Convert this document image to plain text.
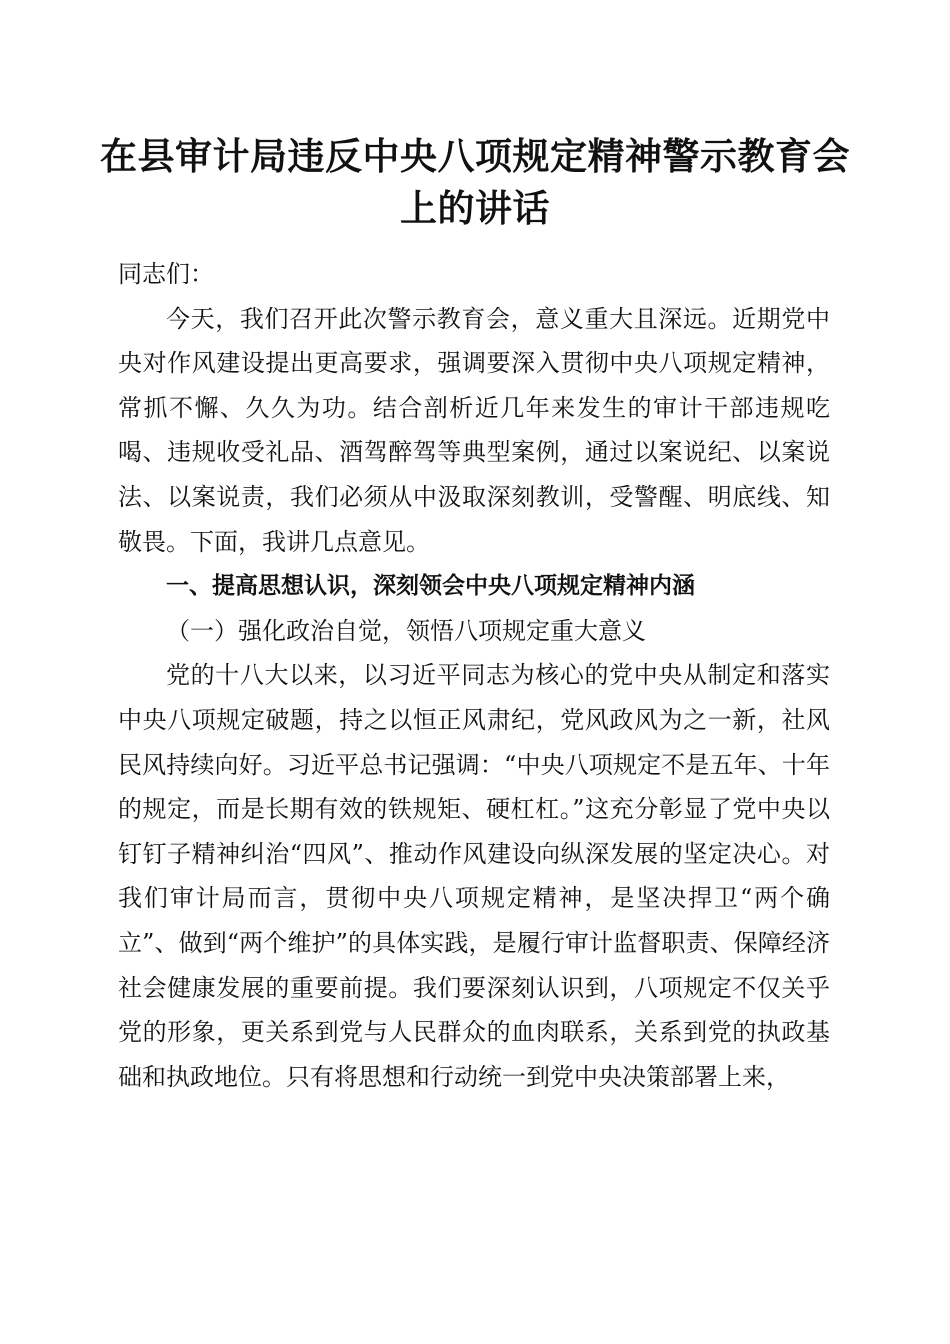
在县审计局违反中央八项规定精神警示教育会上的讲话

同志们：

今天，我们召开此次警示教育会，意义重大且深远。近期党中央对作风建设提出更高要求，强调要深入贯彻中央八项规定精神，常抓不懈、久久为功。结合剖析近几年来发生的审计干部违规吃喝、违规收受礼品、酒驾醉驾等典型案例，通过以案说纪、以案说法、以案说责，我们必须从中汲取深刻教训，受警醒、明底线、知敬畏。下面，我讲几点意见。

一、提高思想认识，深刻领会中央八项规定精神内涵

（一）强化政治自觉，领悟八项规定重大意义

党的十八大以来，以习近平同志为核心的党中央从制定和落实中央八项规定破题，持之以恒正风肃纪，党风政风为之一新，社风民风持续向好。习近平总书记强调：“中央八项规定不是五年、十年的规定，而是长期有效的铁规矩、硬杠杠。”这充分彰显了党中央以钉钉子精神纠治“四风”、推动作风建设向纵深发展的坚定决心。对我们审计局而言，贯彻中央八项规定精神，是坚决捍卫“两个确立”、做到“两个维护”的具体实践，是履行审计监督职责、保障经济社会健康发展的重要前提。我们要深刻认识到，八项规定不仅关乎党的形象，更关系到党与人民群众的血肉联系，关系到党的执政基础和执政地位。只有将思想和行动统一到党中央决策部署上来，
